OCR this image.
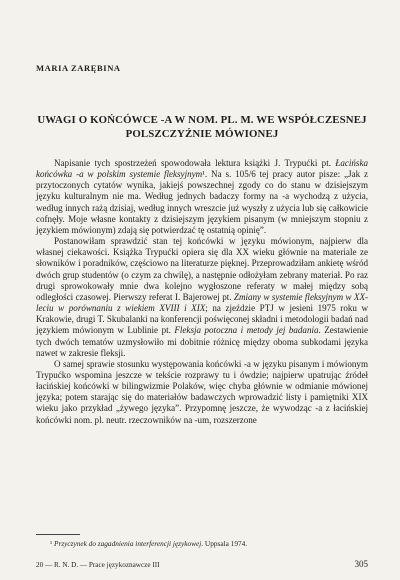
MARIA ZARĘBINA
UWAGI O KOŃCÓWCE -A W NOM. PL. M. WE WSPÓŁCZESNEJ
POLSZCZYŹNIE MÓWIONEJ

Napisanie tych spostrzeżeń spowodowała lektura książki J. Trypućki pt. Łacińska końcówka -a w polskim systemie fleksyjnym¹. Na s. 105/6 tej pracy autor pisze: „Jak z przytoczonych cytatów wynika, jakiejś powszechnej zgody co do stanu w dzisiejszym języku kulturalnym nie ma. Według jednych badaczy formy na -a wychodzą z użycia, według innych rażą dzisiaj, według innych wreszcie już wyszły z użycia lub się całkowicie cofnęły. Moje własne kontakty z dzisiejszym językiem pisanym (w mniejszym stopniu z językiem mówionym) zdają się potwierdzać tę ostatnią opinię”.

Postanowiłam sprawdzić stan tej końcówki w języku mówionym, najpierw dla własnej ciekawości. Książka Trypućki opiera się dla XX wieku głównie na materiale ze słowników i poradników, częściowo na literaturze pięknej. Przeprowadziłam ankietę wśród dwóch grup studentów (o czym za chwilę), a następnie odłożyłam zebrany materiał. Po raz drugi sprowokowały mnie dwa kolejno wygłoszone referaty w małej między sobą odległości czasowej. Pierwszy referat I. Bajerowej pt. Zmiany w systemie fleksyjnym w XX-leciu w porównaniu z wiekiem XVIII i XIX; na zjeździe PTJ w jesieni 1975 roku w Krakowie, drugi T. Skubalanki na konferencji poświęconej składni i metodologii badań nad językiem mówionym w Lublinie pt. Fleksja potoczna i metody jej badania. Zestawienie tych dwóch tematów uzmysłowiło mi dobitnie różnicę między oboma subkodami języka nawet w zakresie fleksji.

O samej sprawie stosunku występowania końcówki -a w języku pisanym i mówionym Trypućko wspomina jeszcze w tekście rozprawy tu i ówdzie; najpierw upatrując źródeł łacińskiej końcówki w bilingwizmie Polaków, więc chyba głównie w odmianie mówionej języka; potem starając się do materiałów badawczych wprowadzić listy i pamiętniki XIX wieku jako przykład „żywego języka”. Przypomnę jeszcze, że wywodząc -a z łacińskiej końcówki nom. pl. neutr. rzeczowników na -um, rozszerzone

¹ Przyczynek do zagadnienia interferencji językowej. Uppsala 1974.
20 — R. N. D. — Prace językoznawcze III	305
